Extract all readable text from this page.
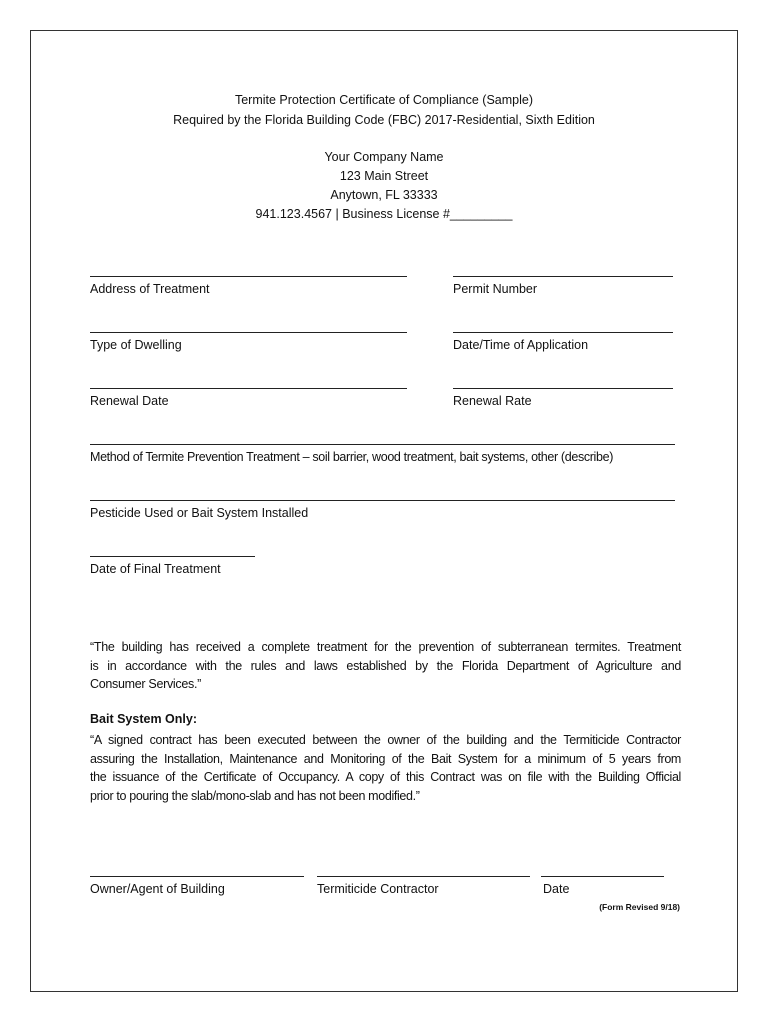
Termite Protection Certificate of Compliance (Sample)
Required by the Florida Building Code (FBC) 2017-Residential, Sixth Edition
Your Company Name
123 Main Street
Anytown, FL 33333
941.123.4567 | Business License #_________
Address of Treatment	Permit Number
Type of Dwelling	Date/Time of Application
Renewal Date	Renewal Rate
Method of Termite Prevention Treatment – soil barrier, wood treatment, bait systems, other (describe)
Pesticide Used or Bait System Installed
Date of Final Treatment
“The building has received a complete treatment for the prevention of subterranean termites. Treatment
is in accordance with the rules and laws established by the Florida Department of Agriculture and
Consumer Services.”
Bait System Only:
“A signed contract has been executed between the owner of the building and the Termiticide Contractor
assuring the Installation, Maintenance and Monitoring of the Bait System for a minimum of 5 years from
the issuance of the Certificate of Occupancy. A copy of this Contract was on file with the Building Official
prior to pouring the slab/mono-slab and has not been modified.”
Owner/Agent of Building	Termiticide Contractor	Date
(Form Revised 9/18)
